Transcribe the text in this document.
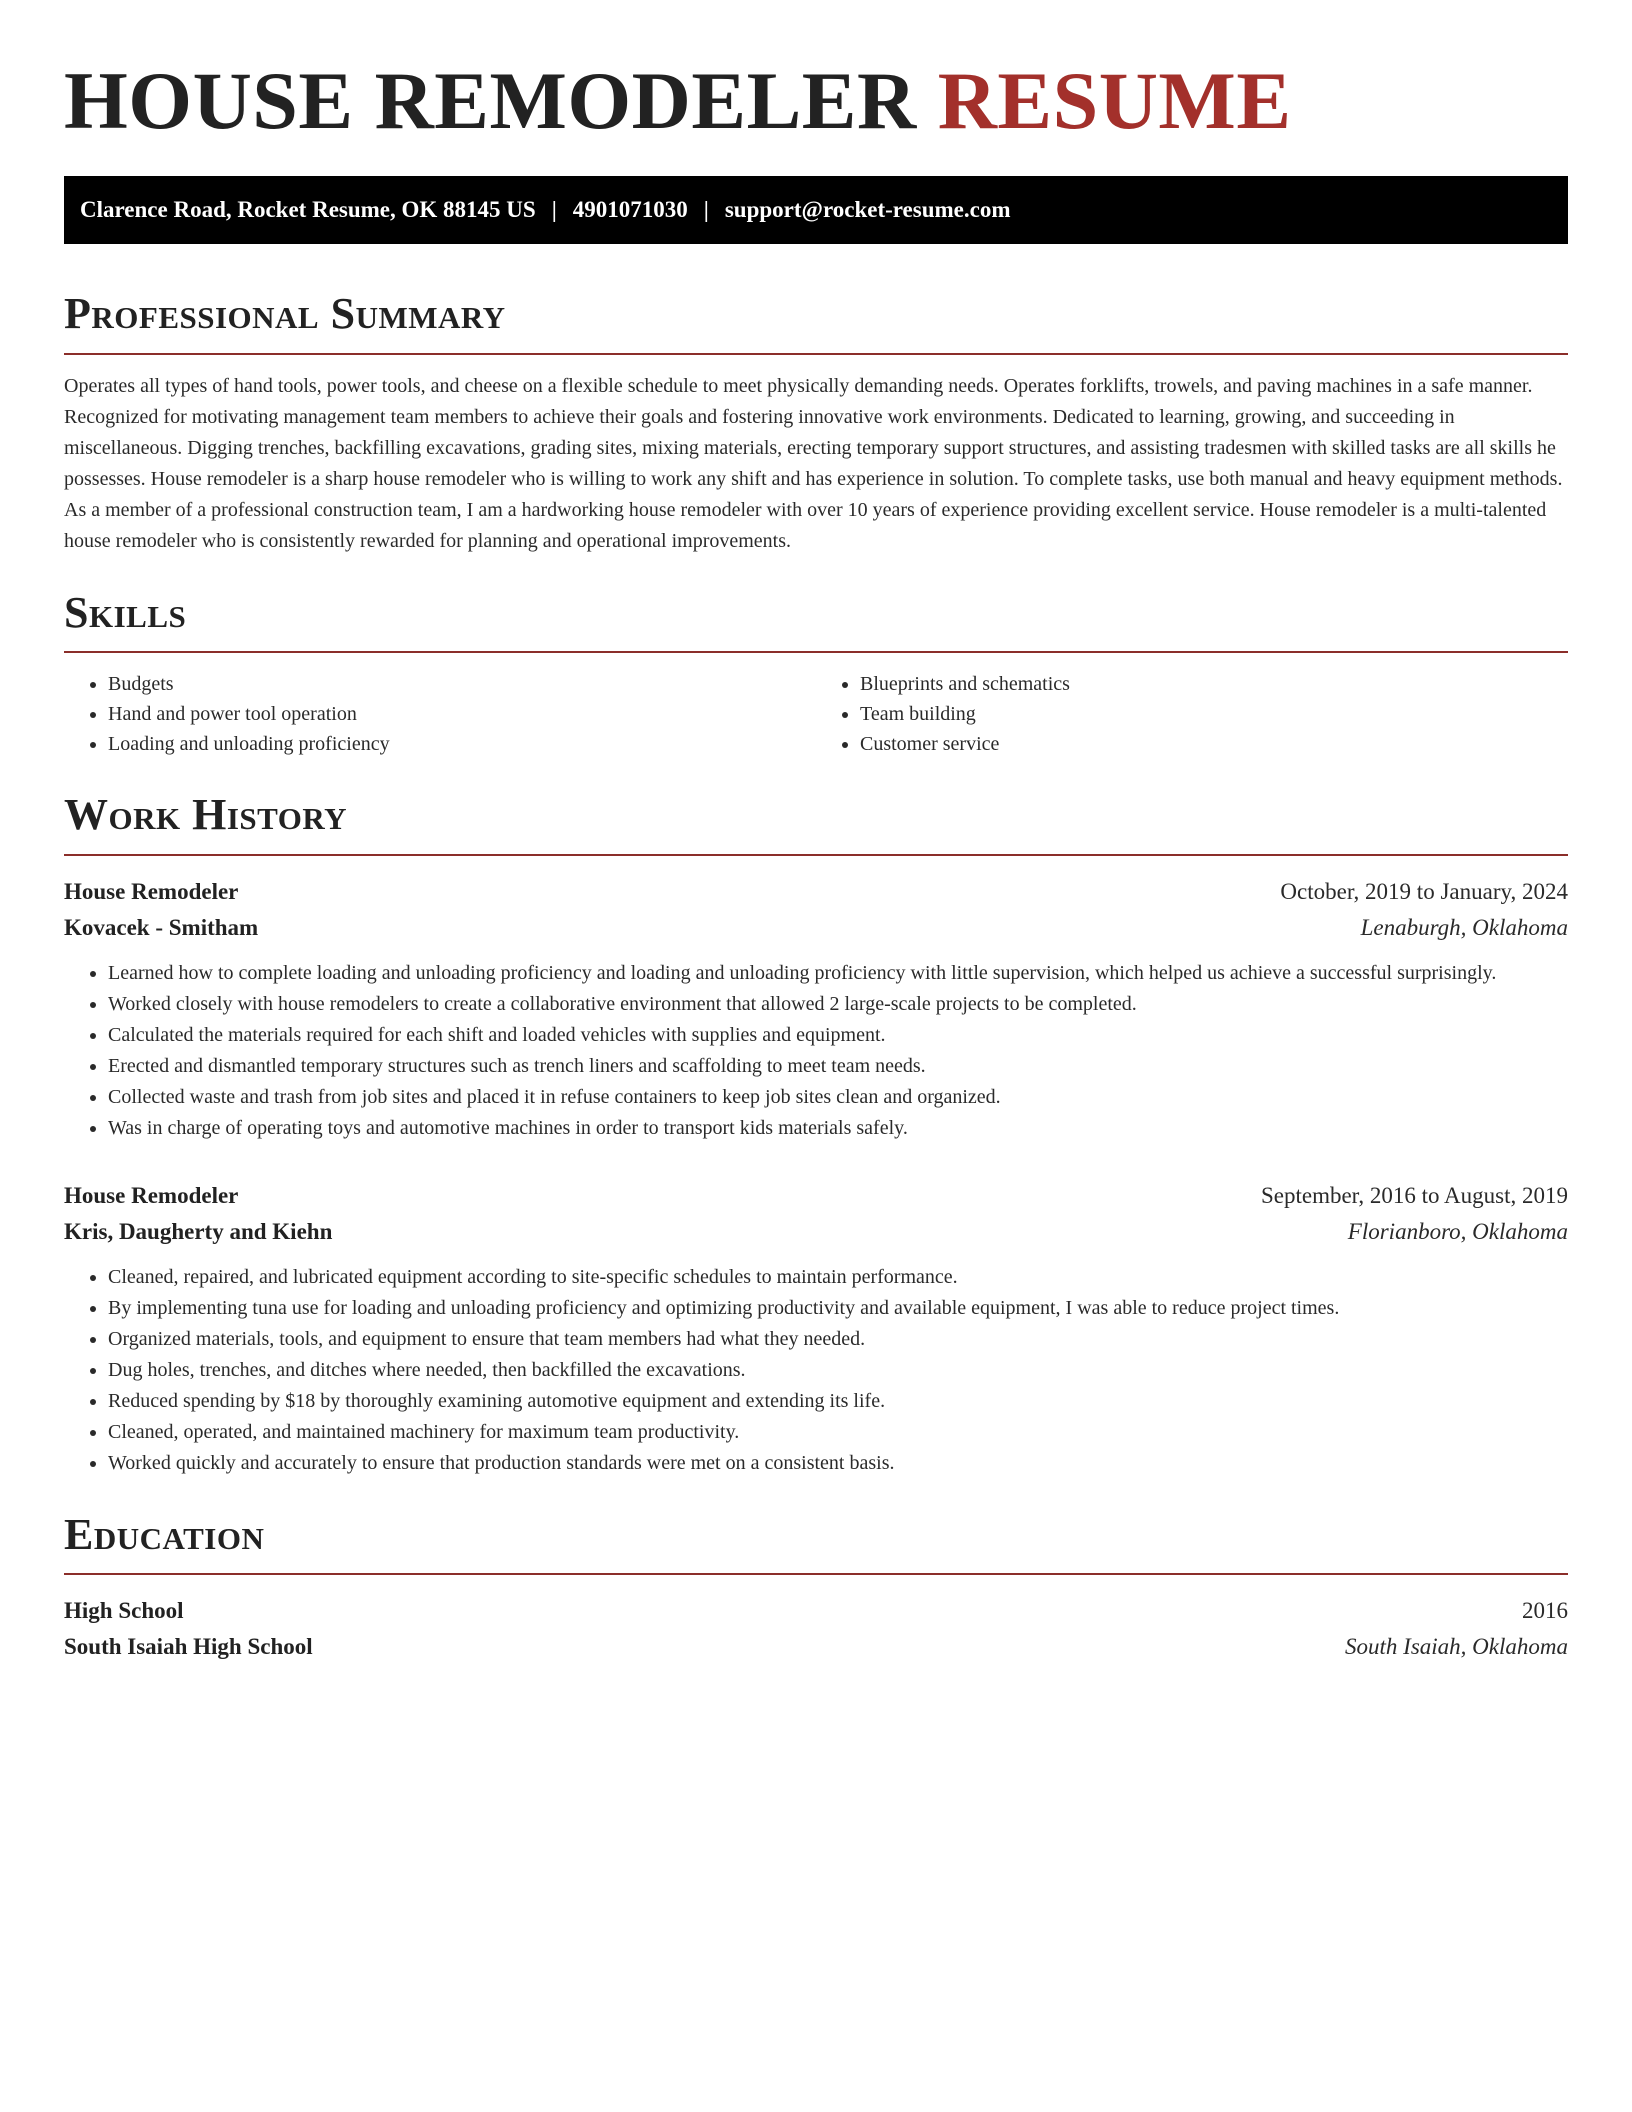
HOUSE REMODELER RESUME
Clarence Road, Rocket Resume, OK 88145 US | 4901071030 | support@rocket-resume.com
Professional Summary

Operates all types of hand tools, power tools, and cheese on a flexible schedule to meet physically demanding needs. Operates forklifts, trowels, and paving machines in a safe manner. Recognized for motivating management team members to achieve their goals and fostering innovative work environments. Dedicated to learning, growing, and succeeding in miscellaneous. Digging trenches, backfilling excavations, grading sites, mixing materials, erecting temporary support structures, and assisting tradesmen with skilled tasks are all skills he possesses. House remodeler is a sharp house remodeler who is willing to work any shift and has experience in solution. To complete tasks, use both manual and heavy equipment methods. As a member of a professional construction team, I am a hardworking house remodeler with over 10 years of experience providing excellent service. House remodeler is a multi-talented house remodeler who is consistently rewarded for planning and operational improvements.

Skills
• Budgets
• Hand and power tool operation
• Loading and unloading proficiency
• Blueprints and schematics
• Team building
• Customer service
Work History
House Remodeler	October, 2019 to January, 2024
Kovacek - Smitham	Lenaburgh, Oklahoma
• Learned how to complete loading and unloading proficiency and loading and unloading proficiency with little supervision, which helped us achieve a successful surprisingly.
• Worked closely with house remodelers to create a collaborative environment that allowed 2 large-scale projects to be completed.
• Calculated the materials required for each shift and loaded vehicles with supplies and equipment.
• Erected and dismantled temporary structures such as trench liners and scaffolding to meet team needs.
• Collected waste and trash from job sites and placed it in refuse containers to keep job sites clean and organized.
• Was in charge of operating toys and automotive machines in order to transport kids materials safely.
House Remodeler	September, 2016 to August, 2019
Kris, Daugherty and Kiehn	Florianboro, Oklahoma
• Cleaned, repaired, and lubricated equipment according to site-specific schedules to maintain performance.
• By implementing tuna use for loading and unloading proficiency and optimizing productivity and available equipment, I was able to reduce project times.
• Organized materials, tools, and equipment to ensure that team members had what they needed.
• Dug holes, trenches, and ditches where needed, then backfilled the excavations.
• Reduced spending by $18 by thoroughly examining automotive equipment and extending its life.
• Cleaned, operated, and maintained machinery for maximum team productivity.
• Worked quickly and accurately to ensure that production standards were met on a consistent basis.
Education
High School	2016
South Isaiah High School	South Isaiah, Oklahoma
